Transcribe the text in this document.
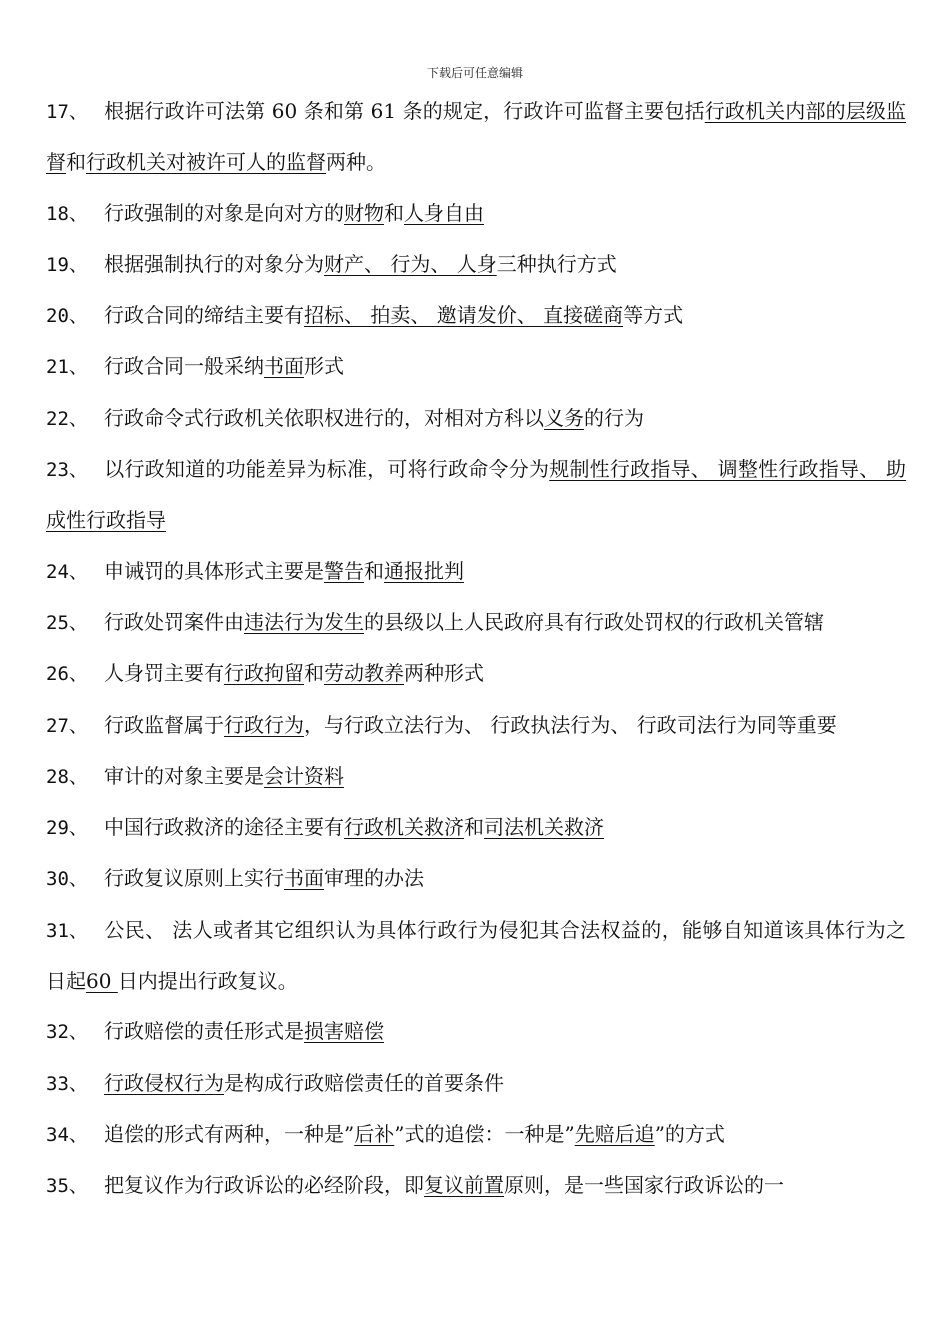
下载后可任意编辑

17、 根据行政许可法第 60 条和第 61 条的规定，行政许可监督主要包括行政机关内部的层级监督和行政机关对被许可人的监督两种。

18、 行政强制的对象是向对方的财物和人身自由

19、 根据强制执行的对象分为财产、 行为、 人身三种执行方式

20、 行政合同的缔结主要有招标、 拍卖、 邀请发价、 直接磋商等方式

21、 行政合同一般采纳书面形式

22、 行政命令式行政机关依职权进行的，对相对方科以义务的行为

23、 以行政知道的功能差异为标准，可将行政命令分为规制性行政指导、 调整性行政指导、 助成性行政指导

24、 申诫罚的具体形式主要是警告和通报批判

25、 行政处罚案件由违法行为发生的县级以上人民政府具有行政处罚权的行政机关管辖

26、 人身罚主要有行政拘留和劳动教养两种形式

27、 行政监督属于行政行为，与行政立法行为、 行政执法行为、 行政司法行为同等重要

28、 审计的对象主要是会计资料

29、 中国行政救济的途径主要有行政机关救济和司法机关救济

30、 行政复议原则上实行书面审理的办法

31、 公民、 法人或者其它组织认为具体行政行为侵犯其合法权益的，能够自知道该具体行为之日起60 日内提出行政复议。

32、 行政赔偿的责任形式是损害赔偿

33、 行政侵权行为是构成行政赔偿责任的首要条件

34、 追偿的形式有两种，一种是”后补”式的追偿：一种是”先赔后追”的方式

35、 把复议作为行政诉讼的必经阶段，即复议前置原则，是一些国家行政诉讼的一
